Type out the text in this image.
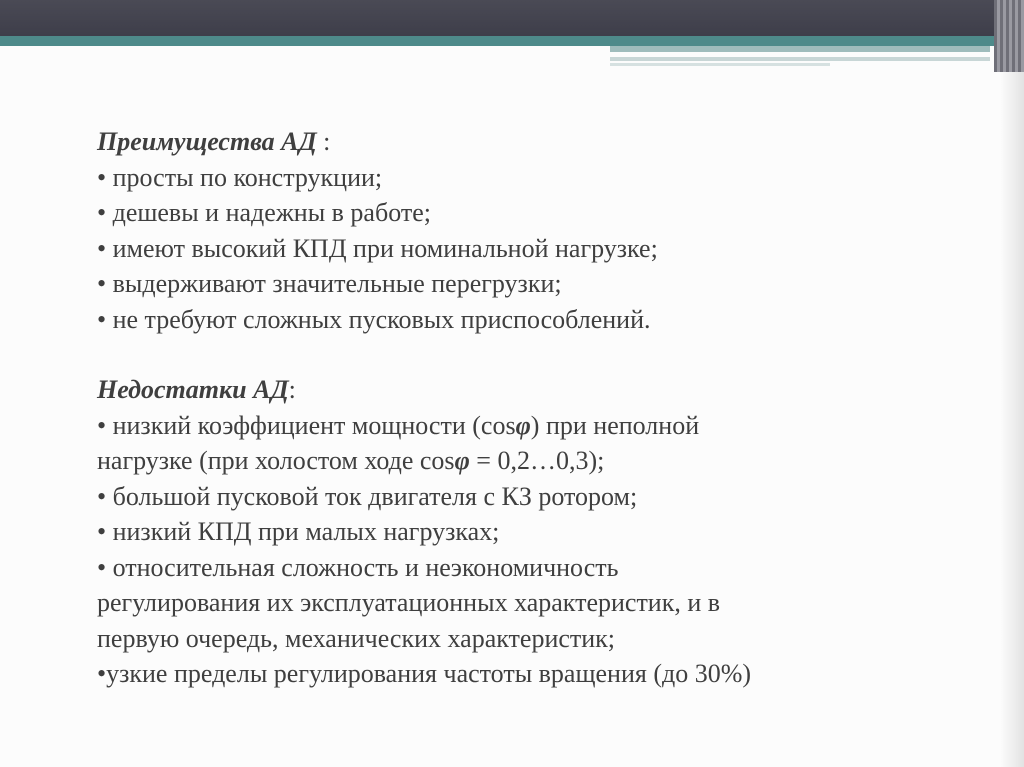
Преимущества АД :
• просты по конструкции;
• дешевы и надежны в работе;
• имеют высокий КПД при номинальной нагрузке;
• выдерживают значительные перегрузки;
• не требуют сложных пусковых приспособлений.
Недостатки АД:
• низкий коэффициент мощности (cosφ) при неполной
нагрузке (при холостом ходе cosφ = 0,2…0,3);
• большой пусковой ток двигателя с КЗ ротором;
• низкий КПД при малых нагрузках;
• относительная сложность и неэкономичность
регулирования их эксплуатационных характеристик, и в
первую очередь, механических характеристик;
•узкие пределы регулирования частоты вращения (до 30%)
